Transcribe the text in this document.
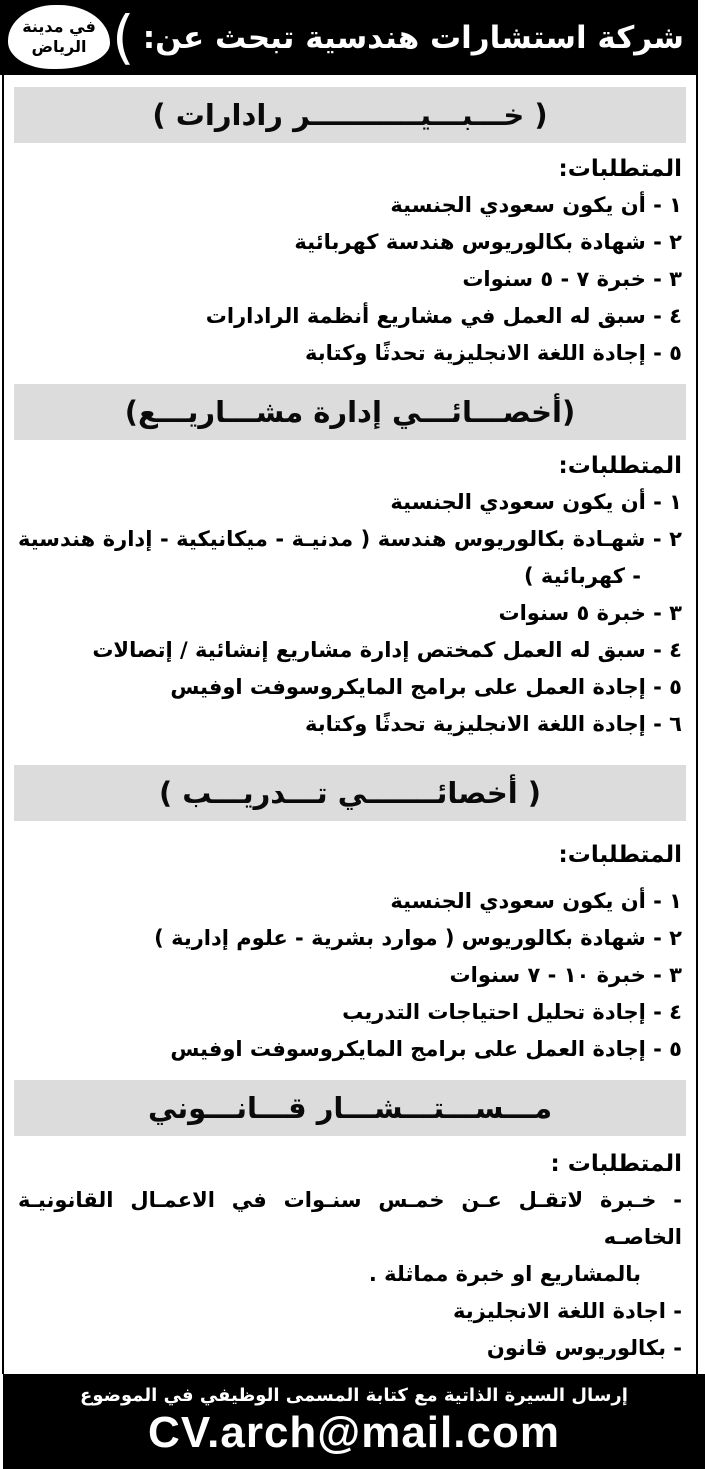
في مدينة
الرياض ( شركة استشارات هندسية تبحث عن:
( خـــبـــيـــــــــــر رادارات )
المتطلبات:
١ - أن يكون سعودي الجنسية
٢ - شهادة بكالوريوس هندسة كهربائية
٣ - خبرة ٧ - ٥ سنوات
٤ - سبق له العمل في مشاريع أنظمة الرادارات
٥ - إجادة اللغة الانجليزية تحدثًا وكتابة
(أخصـــائـــي إدارة مشـــاريـــع)
المتطلبات:
١ - أن يكون سعودي الجنسية
٢ - شهـادة بكالوريوس هندسة ( مدنيـة - ميكانيكية - إدارة هندسية
- كهربائية )
٣ - خبرة ٥ سنوات
٤ - سبق له العمل كمختص إدارة مشاريع إنشائية / إتصالات
٥ - إجادة العمل على برامج المايكروسوفت اوفيس
٦ - إجادة اللغة الانجليزية تحدثًا وكتابة
( أخصائـــــــي تـــدريـــب )
المتطلبات:
١ - أن يكون سعودي الجنسية
٢ - شهادة بكالوريوس ( موارد بشرية - علوم إدارية )
٣ - خبرة ١٠ - ٧ سنوات
٤ - إجادة تحليل احتياجات التدريب
٥ - إجادة العمل على برامج المايكروسوفت اوفيس
مـــســـتـــشـــار قـــانـــوني
المتطلبات :
- خـبرة لاتقـل عـن خمـس سنـوات في الاعمـال القانونيـة الخاصـه
بالمشاريع او خبرة مماثلة .
- اجادة اللغة الانجليزية
- بكالوريوس قانون
إرسال السيرة الذاتية مع كتابة المسمى الوظيفي في الموضوع
CV.arch@mail.com
